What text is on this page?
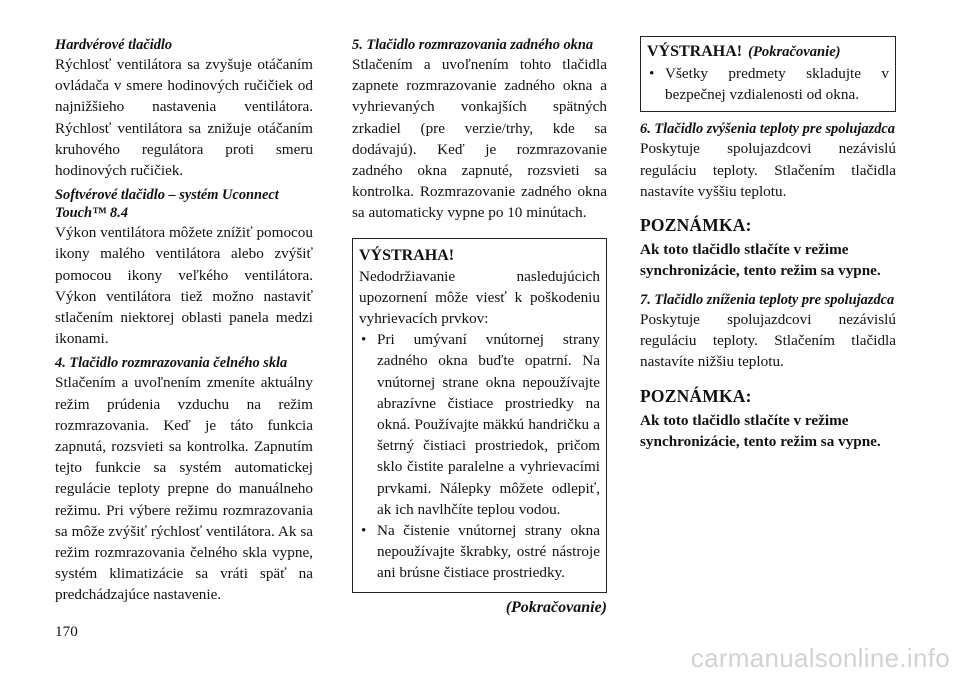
Hardvérové tlačidlo

Rýchlosť ventilátora sa zvyšuje otáčaním ovládača v smere hodinových ručičiek od najnižšieho nastavenia ventilátora. Rýchlosť ventilátora sa znižuje otáčaním kruhového regulátora proti smeru hodinových ručičiek.

Softvérové tlačidlo – systém Uconnect Touch™ 8.4

Výkon ventilátora môžete znížiť pomocou ikony malého ventilátora alebo zvýšiť pomocou ikony veľkého ventilátora. Výkon ventilátora tiež možno nastaviť stlačením niektorej oblasti panela medzi ikonami.

4. Tlačidlo rozmrazovania čelného skla

Stlačením a uvoľnením zmeníte aktuálny režim prúdenia vzduchu na režim rozmrazovania. Keď je táto funkcia zapnutá, rozsvieti sa kontrolka. Zapnutím tejto funkcie sa systém automatickej regulácie teploty prepne do manuálneho režimu. Pri výbere režimu rozmrazovania sa môže zvýšiť rýchlosť ventilátora. Ak sa režim rozmrazovania čelného skla vypne, systém klimatizácie sa vráti späť na predchádzajúce nastavenie.

5. Tlačidlo rozmrazovania zadného okna

Stlačením a uvoľnením tohto tlačidla zapnete rozmrazovanie zadného okna a vyhrievaných vonkajších spätných zrkadiel (pre verzie/trhy, kde sa dodávajú). Keď je rozmrazovanie zadného okna zapnuté, rozsvieti sa kontrolka. Rozmrazovanie zadného okna sa automaticky vypne po 10 minútach.

VÝSTRAHA!

Nedodržiavanie nasledujúcich upozornení môže viesť k poškodeniu vyhrievacích prvkov:

• Pri umývaní vnútornej strany zadného okna buďte opatrní. Na vnútornej strane okna nepoužívajte abrazívne čistiace prostriedky na okná. Používajte mäkkú handričku a šetrný čistiaci prostriedok, pričom sklo čistite paralelne a vyhrievacími prvkami. Nálepky môžete odlepiť, ak ich navlhčíte teplou vodou.
• Na čistenie vnútornej strany okna nepoužívajte škrabky, ostré nástroje ani brúsne čistiace prostriedky.
(Pokračovanie)
VÝSTRAHA! (Pokračovanie)
• Všetky predmety skladujte v bezpečnej vzdialenosti od okna.
6. Tlačidlo zvýšenia teploty pre spolujazdca

Poskytuje spolujazdcovi nezávislú reguláciu teploty. Stlačením tlačidla nastavíte vyššiu teplotu.

POZNÁMKA:

Ak toto tlačidlo stlačíte v režime synchronizácie, tento režim sa vypne.

7. Tlačidlo zníženia teploty pre spolujazdca

Poskytuje spolujazdcovi nezávislú reguláciu teploty. Stlačením tlačidla nastavíte nižšiu teplotu.

POZNÁMKA:

Ak toto tlačidlo stlačíte v režime synchronizácie, tento režim sa vypne.

170
carmanualsonline.info
